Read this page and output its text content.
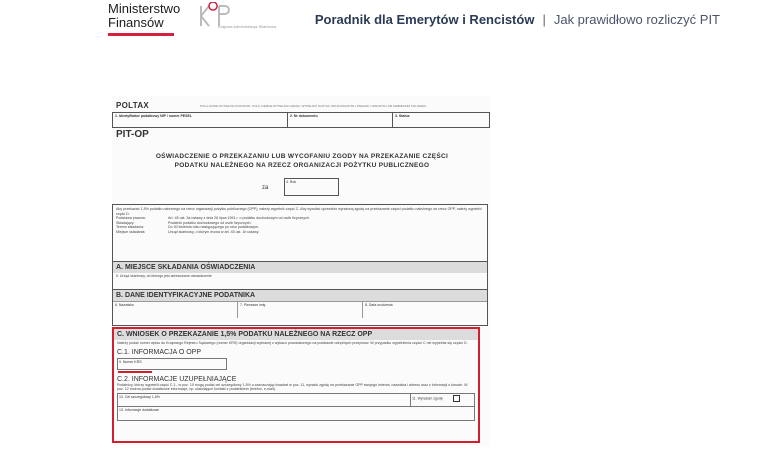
Ministerstwo
Finansów	Krajowa Administracja Skarbowa	Poradnik dla Emerytów i Rencistów | Jak prawidłowo rozliczyć PIT
POLTAX	POLA JASNE WYPEŁNIA PODATNIK. POLA CIEMNE WYPEŁNIA URZĄD. WYPEŁNIĆ DUŻYMI, DRUKOWANYMI LITERAMI, CZARNYM LUB NIEBIESKIM KOLOREM.
1. Identyfikator podatkowy NIP / numer PESEL	2. Nr dokumentu	3. Status
PIT-OP
OŚWIADCZENIE O PRZEKAZANIU LUB WYCOFANIU ZGODY NA PRZEKAZANIE CZĘŚCI
PODATKU NALEŻNEGO NA RZECZ ORGANIZACJI POŻYTKU PUBLICZNEGO
za
4. Rok
Aby przekazać 1,5% podatku należnego na rzecz organizacji pożytku publicznego (OPP), należy wypełnić część C. Aby wycofać uprzednio wyrażoną zgodę na przekazanie części podatku należnego na rzecz OPP, należy wypełnić część D.
Podstawa prawna:	Art. 45 ust. 3a ustawy z dnia 26 lipca 1991 r. o podatku dochodowym od osób fizycznych.
Składający:	Podatnik podatku dochodowego od osób fizycznych.
Termin składania:	Do 30 kwietnia roku następującego po roku podatkowym.
Miejsce składania:	Urząd skarbowy, o którym mowa w art. 45 ust. 1b ustawy.
A. MIEJSCE SKŁADANIA OŚWIADCZENIA
5. Urząd skarbowy, do którego jest adresowane oświadczenie
B. DANE IDENTYFIKACYJNE PODATNIKA
6. Nazwisko	7. Pierwsze imię	8. Data urodzenia
C. WNIOSEK O PRZEKAZANIE 1,5% PODATKU NALEŻNEGO NA RZECZ OPP
Należy podać numer wpisu do Krajowego Rejestru Sądowego (numer KRS) organizacji wybranej z wykazu prowadzonego na podstawie odrębnych przepisów. W przypadku wypełnienia części C nie wypełnia się części D.
C.1. INFORMACJA O OPP
9. Numer KRS
C.2. INFORMACJE UZUPEŁNIAJĄCE
Podatnicy, którzy wypełnili część C.1., w poz. 10 mogą podać cel szczegółowy 1,5% a zaznaczając kwadrat w poz. 11, wyrazić zgodę na przekazanie OPP swojego imienia, nazwiska i adresu oraz z informacji o kwocie. W poz. 12 można podać dodatkowe informacje, np. ułatwiające kontakt z podatnikiem (telefon, e-mail).
10. Cel szczegółowy 1,5%	11. Wyrażam zgodę
13. Informacje dodatkowe
